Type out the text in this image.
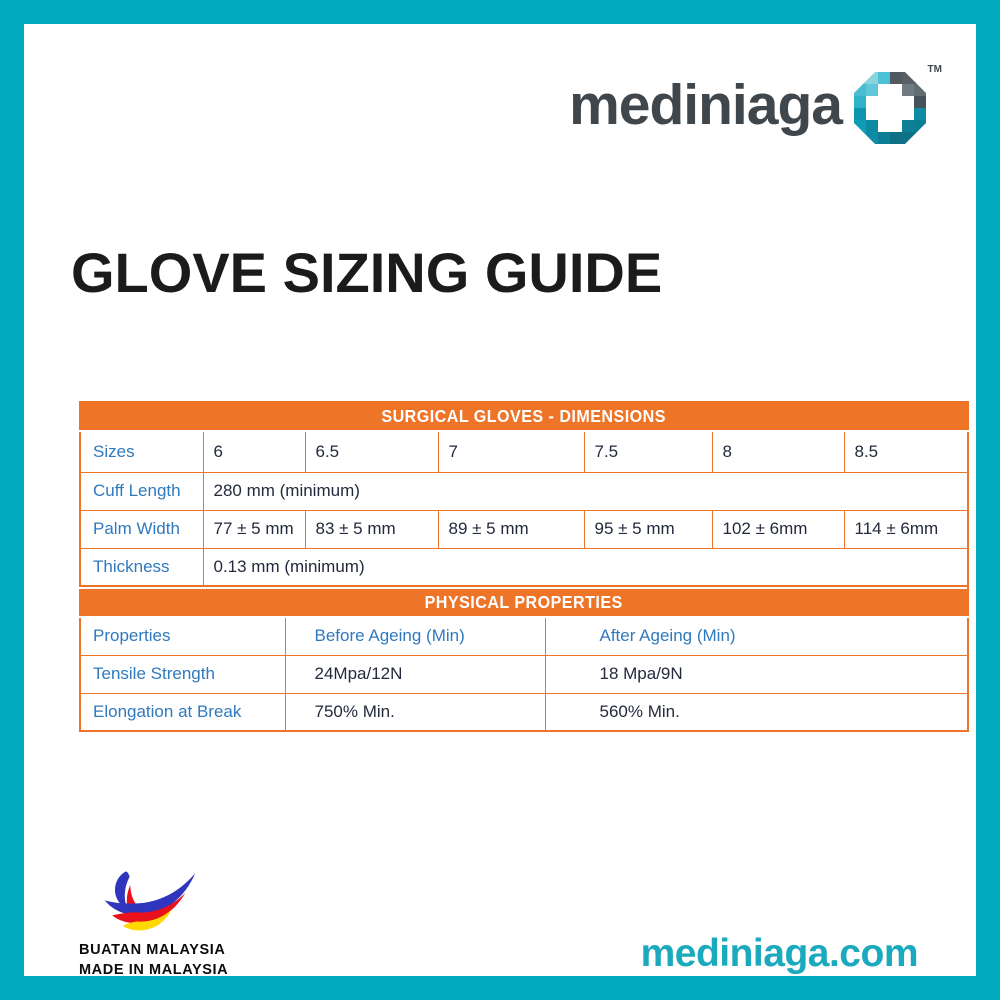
mediniaga
TM
GLOVE SIZING GUIDE
SURGICAL GLOVES - DIMENSIONS						
Sizes	6	6.5	7	7.5	8	8.5
Cuff Length	280 mm (minimum)					
Palm Width	77 ± 5 mm	83 ± 5 mm	89 ± 5 mm	95 ± 5 mm	102 ± 6mm	114 ± 6mm
Thickness	0.13 mm (minimum)					
PHYSICAL PROPERTIES		
Properties	Before Ageing (Min)	After Ageing (Min)
Tensile Strength	24Mpa/12N	18 Mpa/9N
Elongation at Break	750% Min.	560% Min.
BUATAN MALAYSIA
MADE IN MALAYSIA	mediniaga.com
